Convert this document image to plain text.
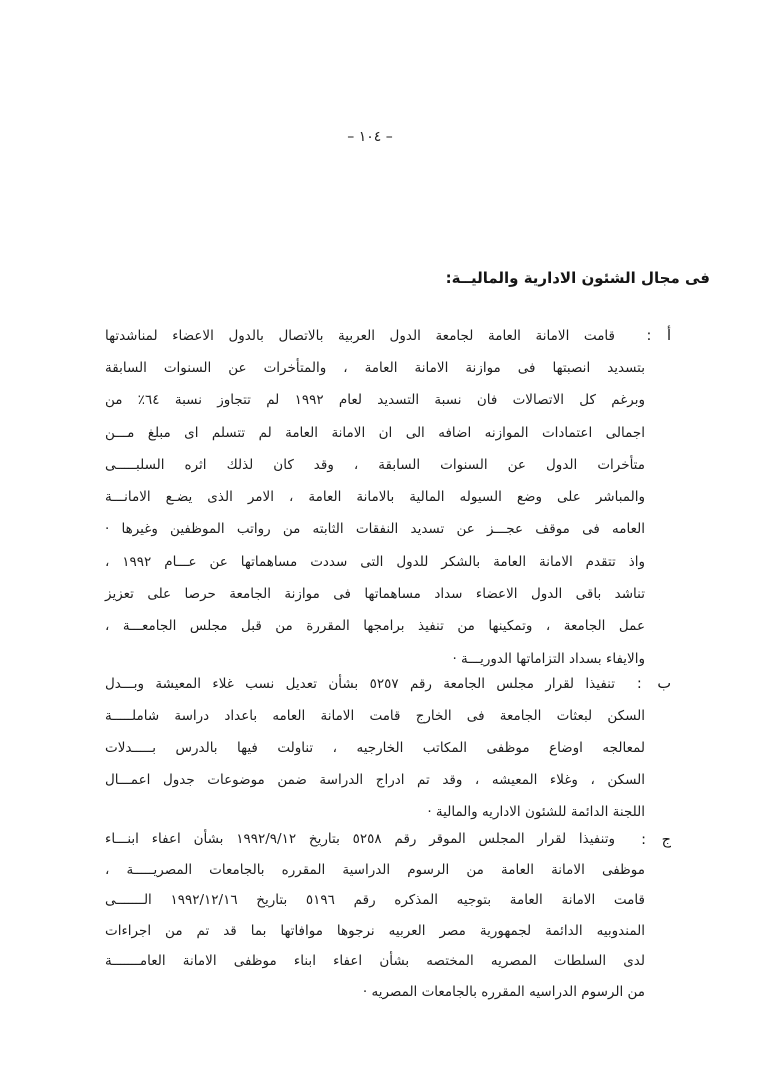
– ١٠٤ –
فى مجال الشئون الادارية والماليــة:
أ :
قامت الامانة العامة لجامعة الدول العربية بالاتصال بالدول الاعضاء لمناشدتها
بتسديد انصبتها فى موازنة الامانة العامة ، والمتأخرات عن السنوات السابقة
وبرغم كل الاتصالات فان نسبة التسديد لعام ١٩٩٢ لم تتجاوز نسبة ٦٤٪ من
اجمالى اعتمادات الموازنه اضافه الى ان الامانة العامة لم تتسلم اى مبلغ مـــن
متأخرات الدول عن السنوات السابقة ، وقد كان لذلك اثره السلبـــــى
والمباشر على وضع السيوله المالية بالامانة العامة ، الامر الذى يضـع الامانـــة
العامه فى موقف عجـــز عن تسديد النفقات الثابته من رواتب الموظفين وغيرها ·
واذ تتقدم الامانة العامة بالشكر للدول التى سددت مساهماتها عن عـــام ١٩٩٢ ،
تناشد باقى الدول الاعضاء سداد مساهماتها فى موازنة الجامعة حرصا على تعزيز
عمل الجامعة ، وتمكينها من تنفيذ برامجها المقررة من قبل مجلس الجامعـــة ،
والايفاء بسداد التزاماتها الدوريـــة ·
ب :
تنفيذا لقرار مجلس الجامعة رقم ٥٢٥٧ بشأن تعديل نسب غلاء المعيشة وبـــدل
السكن لبعثات الجامعة فى الخارج قامت الامانة العامه باعداد دراسة شاملـــــة
لمعالجه اوضاع موظفى المكاتب الخارجيه ، تناولت فيها بالدرس بـــــدلات
السكن ، وغلاء المعيشه ، وقد تم ادراج الدراسة ضمن موضوعات جدول اعمـــال
اللجنة الدائمة للشئون الاداريه والمالية ·
ج :
وتنفيذا لقرار المجلس الموقر رقم ٥٢٥٨ بتاريخ ١٩٩٢/٩/١٢ بشأن اعفاء ابنـــاء
موظفى الامانة العامة من الرسوم الدراسية المقرره بالجامعات المصريـــــة ،
قامت الامانة العامة بتوجيه المذكره رقم ٥١٩٦ بتاريخ ١٩٩٢/١٢/١٦ الـــــــى
المندوبيه الدائمة لجمهورية مصر العربيه نرجوها موافاتها بما قد تم من اجراءات
لدى السلطات المصريه المختصه بشأن اعفاء ابناء موظفى الامانة العامـــــــة
من الرسوم الدراسيه المقرره بالجامعات المصريه ·
